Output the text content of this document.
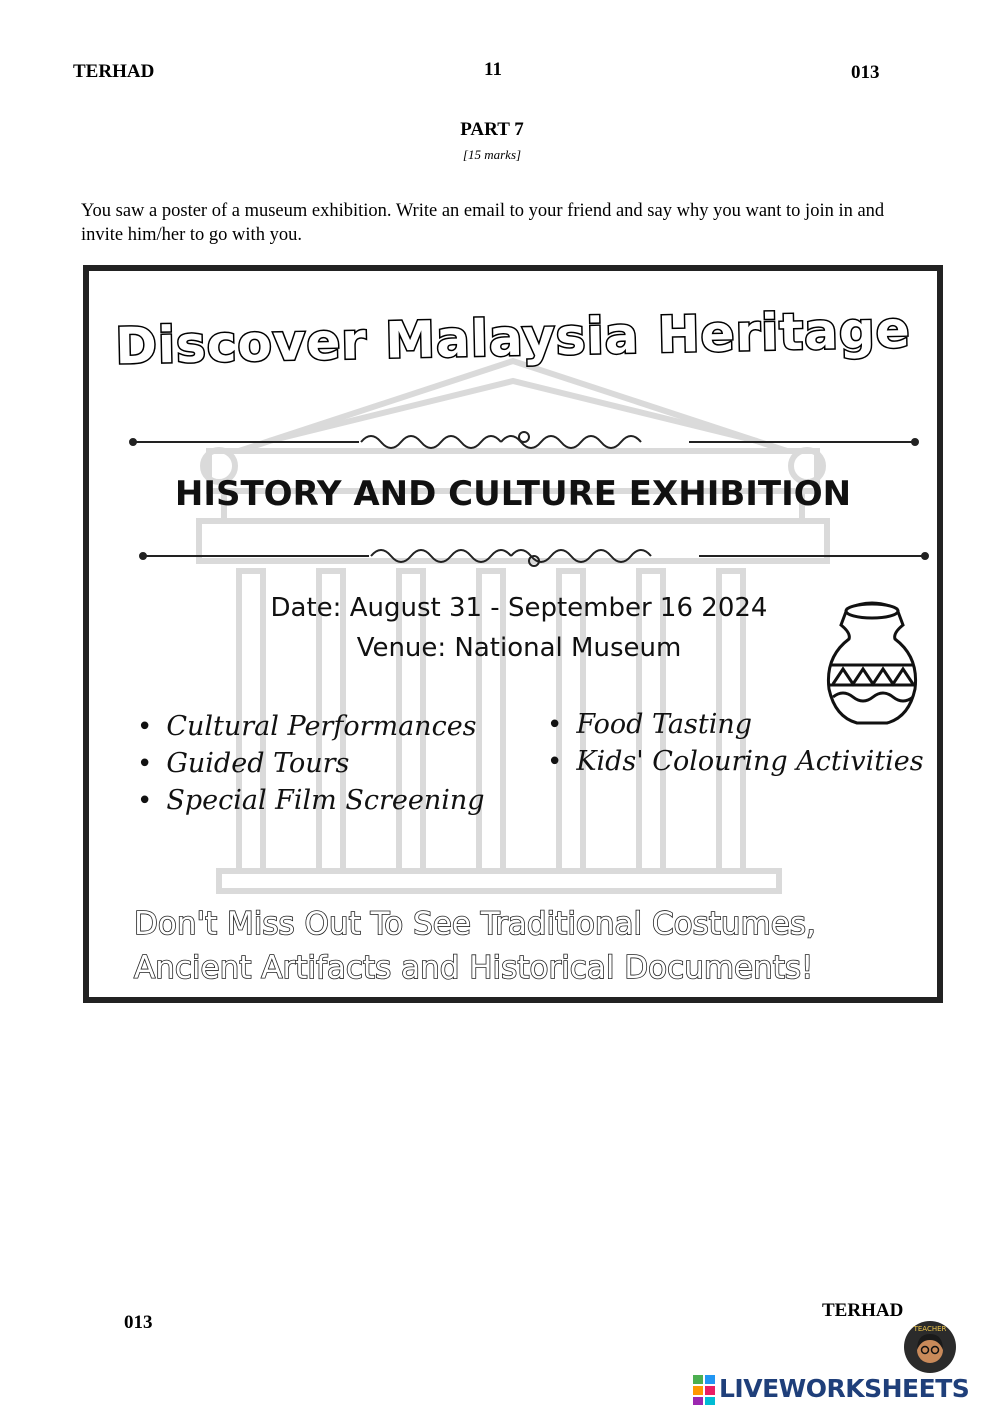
TERHAD	11	013
PART 7
[15 marks]
You saw a poster of a museum exhibition. Write an email to your friend and say why you want to join in and invite him/her to go with you.
Discover Malaysia Heritage
HISTORY AND CULTURE EXHIBITION
Date: August 31 - September 16 2024
Venue: National Museum
• Cultural Performances
• Guided Tours
• Special Film Screening
• Food Tasting
• Kids' Colouring Activities
Don't Miss Out To See Traditional Costumes,
Ancient Artifacts and Historical Documents!
013
TERHAD
TEACHER
LIVEWORKSHEETS
